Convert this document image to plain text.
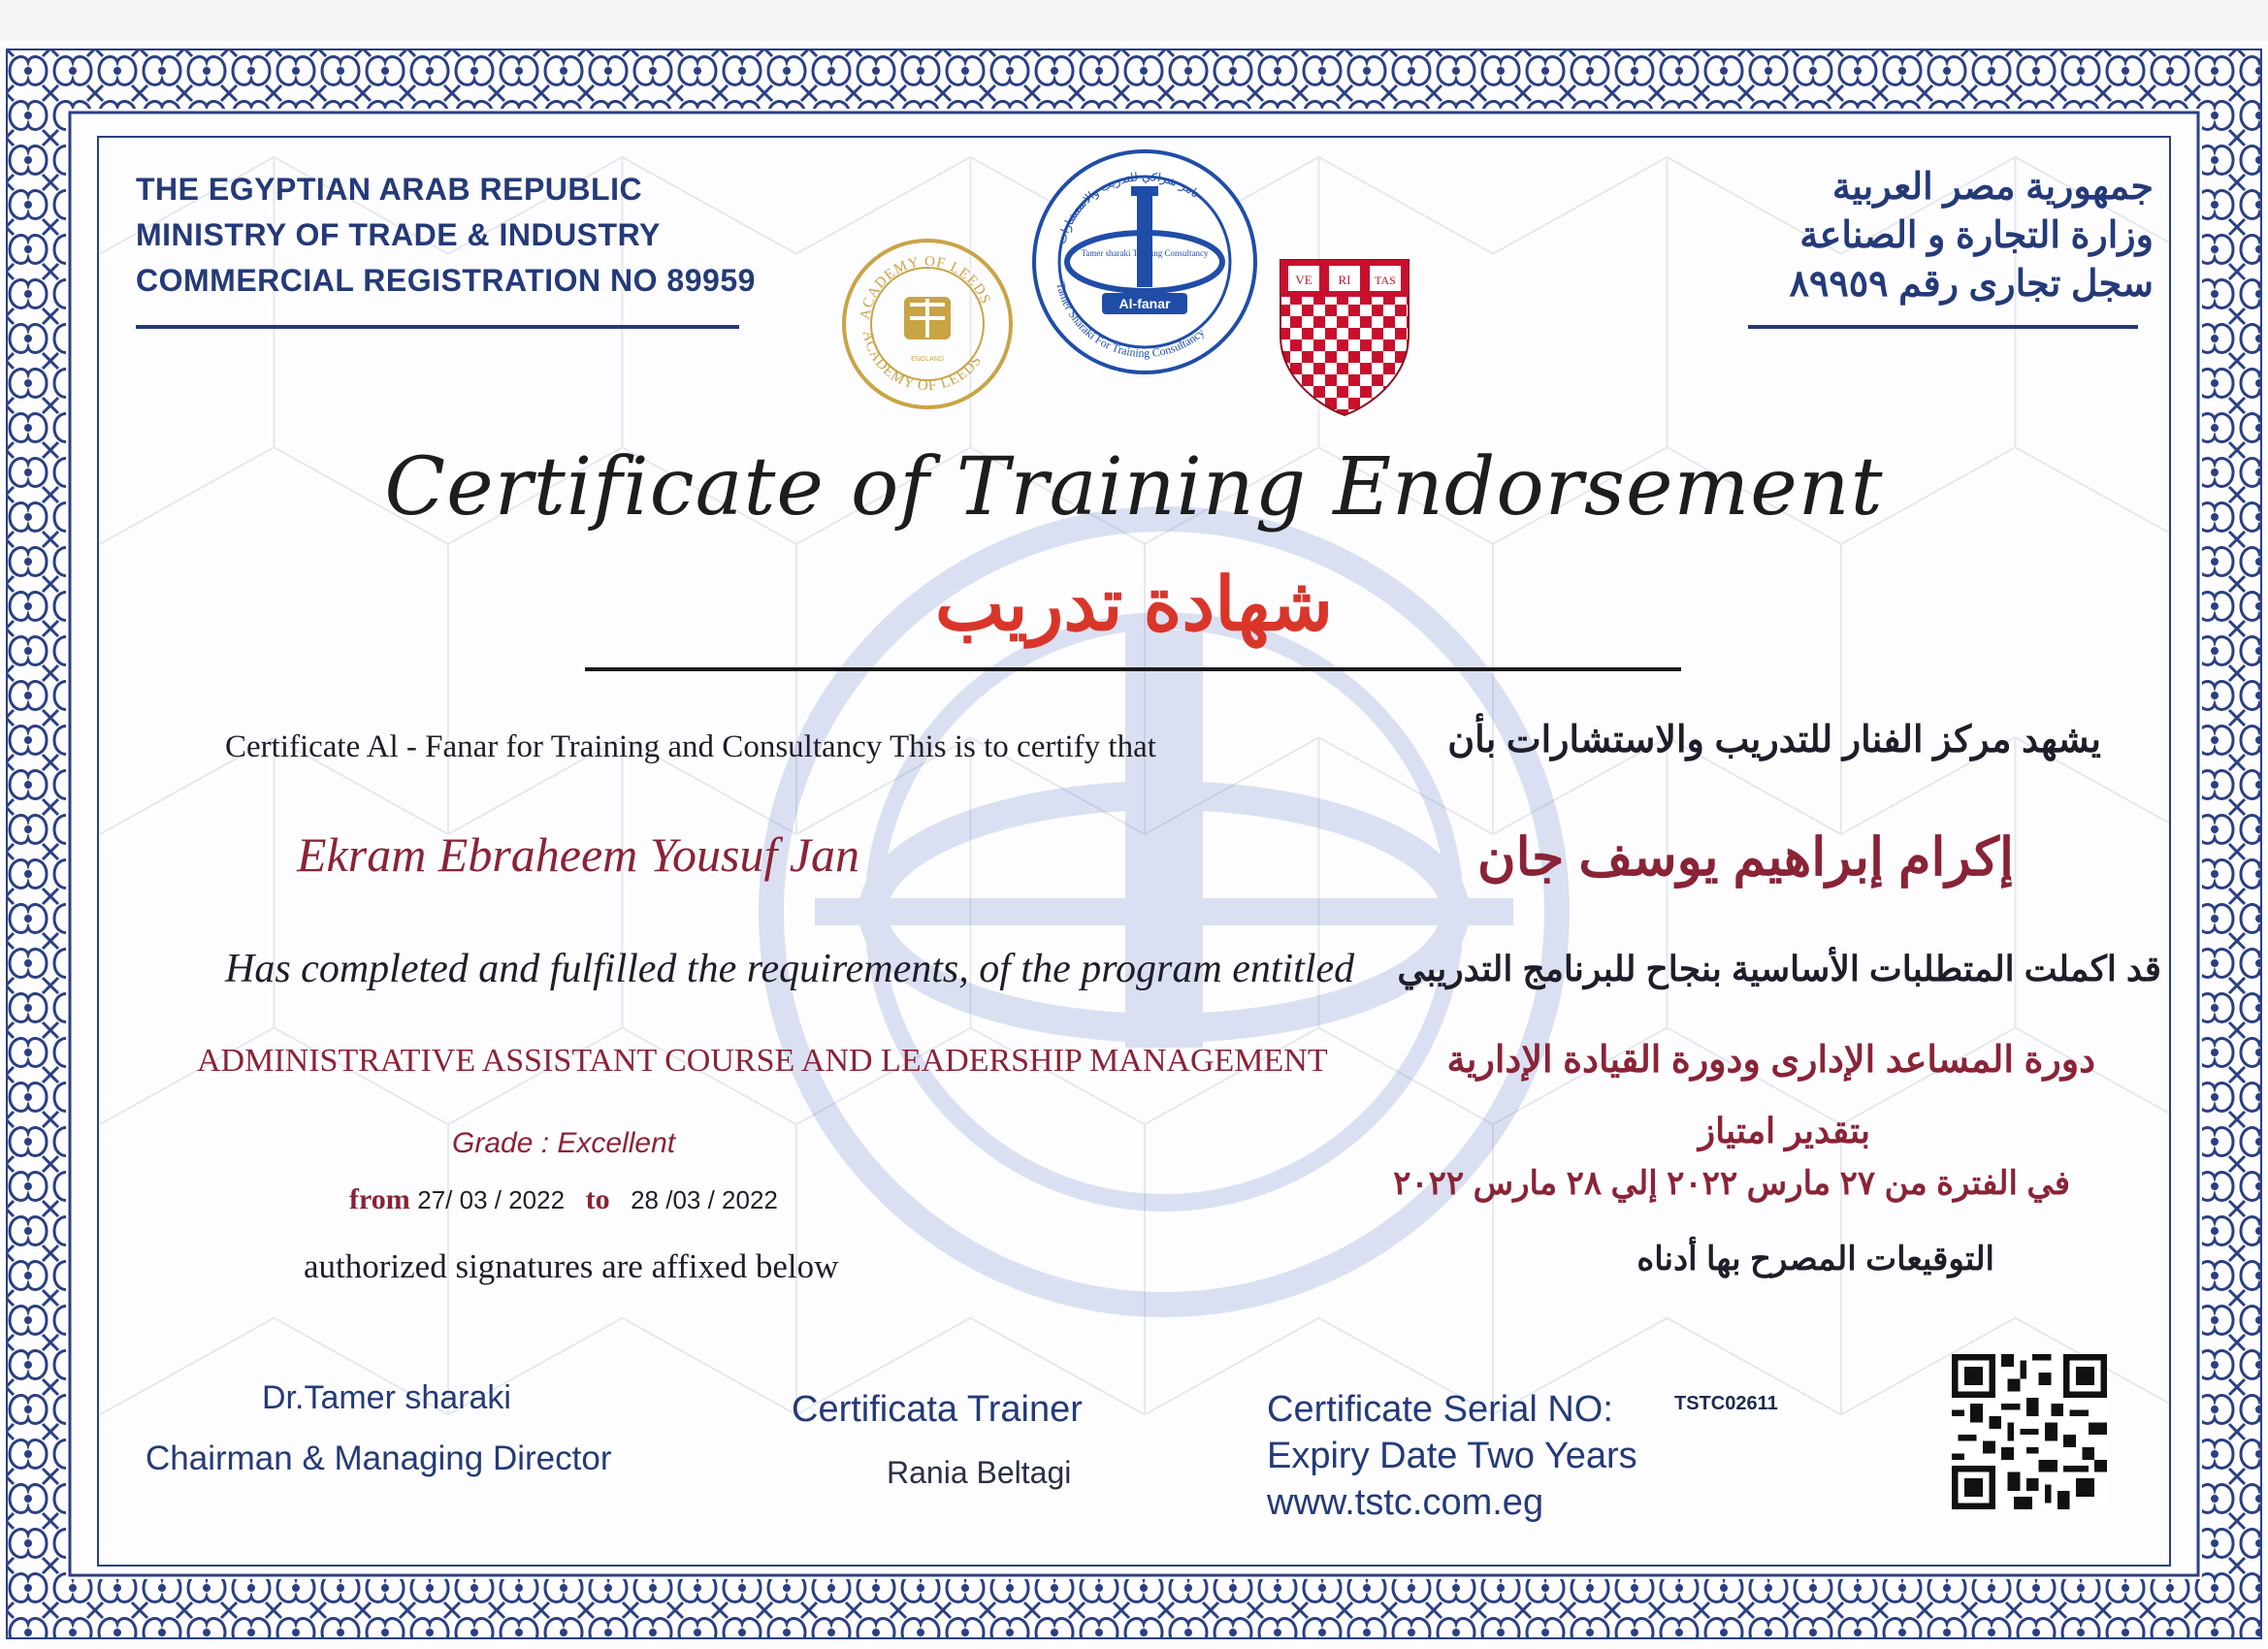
THE EGYPTIAN ARAB REPUBLIC
MINISTRY OF TRADE & INDUSTRY
COMMERCIAL REGISTRATION NO 89959
جمهورية مصر العربية
وزارة التجارة و الصناعة
سجل تجارى رقم ٨٩٩٥٩
ACADEMY OF LEEDS
ACADEMY OF LEEDS
ENGLAND
تامر شراكي للتدريب والاستشارات
Tamer Sharaki For Training Consultancy
Tamer sharaki Training Consultancy
Al-fanar
VE RI TAS
Certificate of Training Endorsement
شهادة تدريب
Certificate Al - Fanar for Training and Consultancy This is to certify that
Ekram Ebraheem Yousuf Jan
Has completed and fulfilled the requirements, of the program entitled
ADMINISTRATIVE ASSISTANT COURSE AND LEADERSHIP MANAGEMENT
Grade : Excellent
from 27/ 03 / 2022 to 28 /03 / 2022
authorized signatures are affixed below
يشهد مركز الفنار للتدريب والاستشارات بأن
إكرام إبراهيم يوسف جان
قد اكملت المتطلبات الأساسية بنجاح للبرنامج التدريبي
دورة المساعد الإدارى ودورة القيادة الإدارية
بتقدير امتياز
في الفترة من ٢٧ مارس ٢٠٢٢ إلي ٢٨ مارس ٢٠٢٢
التوقيعات المصرح بها أدناه
Dr.Tamer sharaki
Chairman & Managing Director
Certificata Trainer
Rania Beltagi
Certificate Serial NO:	TSTC02611
Expiry Date Two Years
www.tstc.com.eg
